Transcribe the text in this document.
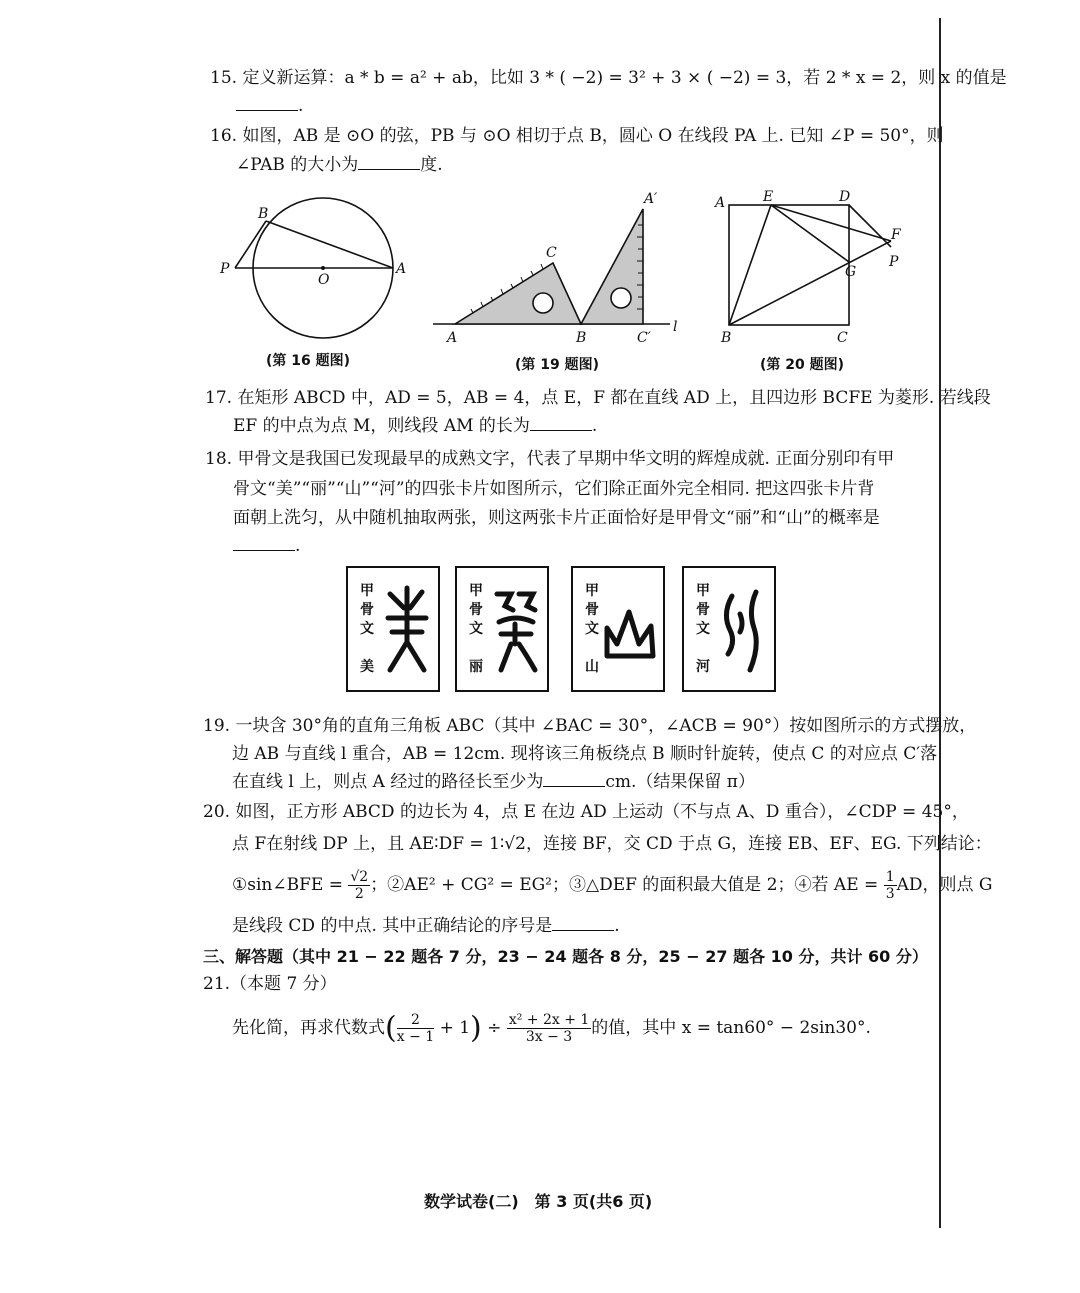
15. 定义新运算：a * b = a² + ab，比如 3 * ( −2) = 3² + 3 × ( −2) = 3，若 2 * x = 2，则 x 的值是
.
16. 如图，AB 是 ⊙O 的弦，PB 与 ⊙O 相切于点 B，圆心 O 在线段 PA 上. 已知 ∠P = 50°，则
∠PAB 的大小为	度.
B
P
O
A
(第 16 题图)
C
A	B	C′
A′
l
(第 19 题图)
A	E	D
F
P
G
B	C
(第 20 题图)
17. 在矩形 ABCD 中，AD = 5，AB = 4，点 E，F 都在直线 AD 上，且四边形 BCFE 为菱形. 若线段
EF 的中点为点 M，则线段 AM 的长为	.
18. 甲骨文是我国已发现最早的成熟文字，代表了早期中华文明的辉煌成就. 正面分别印有甲
骨文“美”“丽”“山”“河”的四张卡片如图所示，它们除正面外完全相同. 把这四张卡片背
面朝上洗匀，从中随机抽取两张，则这两张卡片正面恰好是甲骨文“丽”和“山”的概率是
.
甲骨文
美
甲骨文
丽
甲骨文
山
甲骨文
河
19. 一块含 30°角的直角三角板 ABC（其中 ∠BAC = 30°，∠ACB = 90°）按如图所示的方式摆放，
边 AB 与直线 l 重合，AB = 12cm. 现将该三角板绕点 B 顺时针旋转，使点 C 的对应点 C′落
在直线 l 上，则点 A 经过的路径长至少为	cm.（结果保留 π）
20. 如图，正方形 ABCD 的边长为 4，点 E 在边 AD 上运动（不与点 A、D 重合），∠CDP = 45°，
点 F在射线 DP 上，且 AE∶DF = 1∶√2，连接 BF，交 CD 于点 G，连接 EB、EF、EG. 下列结论：
①sin∠BFE = $\frac{√2}{2}$ ；②AE² + CG² = EG²；③△DEF 的面积最大值是 2；④若 AE = $\frac{1}{3}$ AD，则点 G
是线段 CD 的中点. 其中正确结论的序号是	.
三、解答题（其中 21 − 22 题各 7 分，23 − 24 题各 8 分，25 − 27 题各 10 分，共计 60 分）
21.（本题 7 分）
先化简，再求代数式( $\frac{2}{x - 1} + 1) \div \frac{\text{x² + 2x + 1}}{3x - 3}$ 的值，其中 x = tan60° − 2sin30°.
数学试卷(二)　第 3 页(共6 页)
